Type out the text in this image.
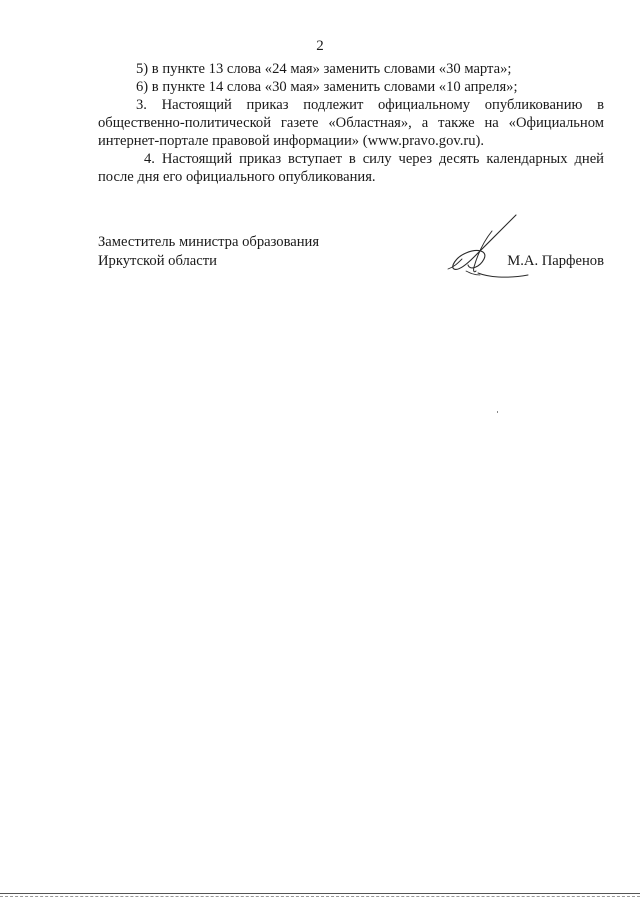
2
5) в пункте 13 слова «24 мая» заменить словами «30 марта»;
6) в пункте 14 слова «30 мая» заменить словами «10 апреля»;
3. Настоящий приказ подлежит официальному опубликованию в
общественно-политической газете «Областная», а также на «Официальном
интернет-портале правовой информации» (www.pravo.gov.ru).
4. Настоящий приказ вступает в силу через десять календарных дней
после дня его официального опубликования.
Заместитель министра образования
Иркутской области	М.А. Парфенов
